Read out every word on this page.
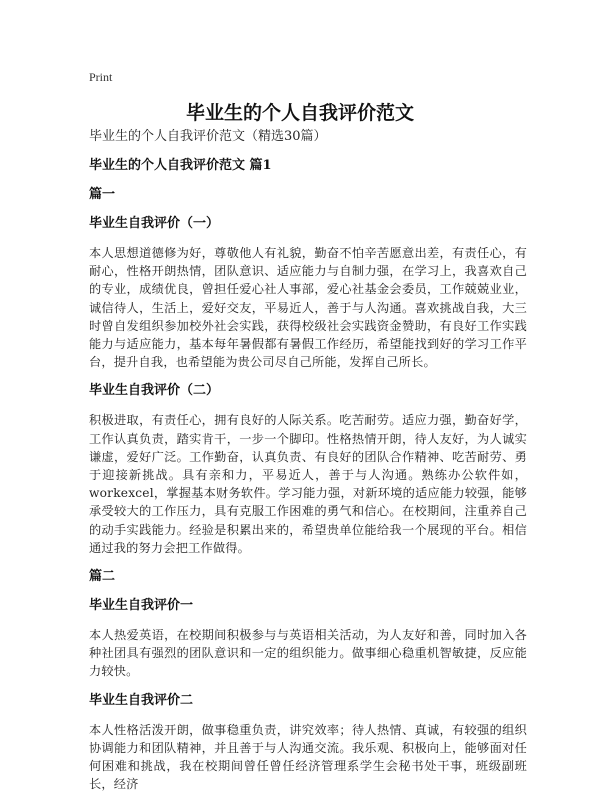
Print
毕业生的个人自我评价范文
毕业生的个人自我评价范文（精选30篇）
毕业生的个人自我评价范文 篇1
篇一
毕业生自我评价（一）
本人思想道德修为好，尊敬他人有礼貌，勤奋不怕辛苦愿意出差，有责任心，有耐心，性格开朗热情，团队意识、适应能力与自制力强，在学习上，我喜欢自己的专业，成绩优良，曾担任爱心社人事部，爱心社基金会委员，工作兢兢业业，诚信待人，生活上，爱好交友，平易近人，善于与人沟通。喜欢挑战自我，大三时曾自发组织参加校外社会实践，获得校级社会实践资金赞助，有良好工作实践能力与适应能力，基本每年暑假都有暑假工作经历，希望能找到好的学习工作平台，提升自我，也希望能为贵公司尽自己所能，发挥自己所长。
毕业生自我评价（二）
积极进取，有责任心，拥有良好的人际关系。吃苦耐劳。适应力强，勤奋好学，工作认真负责，踏实肯干，一步一个脚印。性格热情开朗，待人友好，为人诚实谦虚，爱好广泛。工作勤奋，认真负责、有良好的团队合作精神、吃苦耐劳、勇于迎接新挑战。具有亲和力，平易近人，善于与人沟通。熟练办公软件如，workexcel，掌握基本财务软件。学习能力强，对新环境的适应能力较强，能够承受较大的工作压力，具有克服工作困难的勇气和信心。在校期间，注重养自己的动手实践能力。经验是积累出来的，希望贵单位能给我一个展现的平台。相信通过我的努力会把工作做得。
篇二
毕业生自我评价一
本人热爱英语，在校期间积极参与与英语相关活动，为人友好和善，同时加入各种社团具有强烈的团队意识和一定的组织能力。做事细心稳重机智敏捷，反应能力较快。
毕业生自我评价二
本人性格活泼开朗，做事稳重负责，讲究效率；待人热情、真诚，有较强的组织协调能力和团队精神，并且善于与人沟通交流。我乐观、积极向上，能够面对任何困难和挑战，我在校期间曾任曾任经济管理系学生会秘书处干事，班级副班长，经济
